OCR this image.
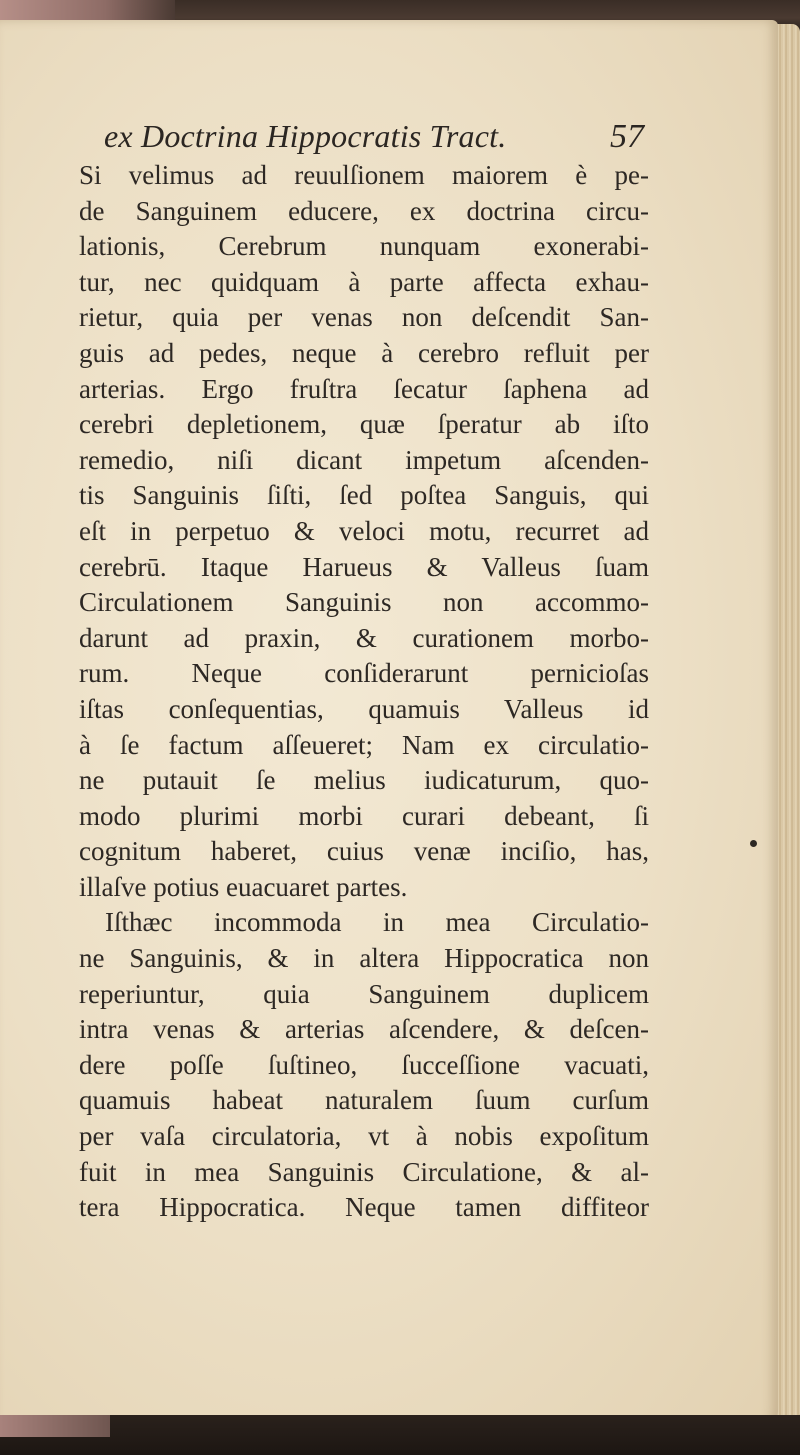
ex Doctrina Hippocratis Tract.	57
Si velimus ad reuulſionem maiorem è pe-
de Sanguinem educere, ex doctrina circu-
lationis, Cerebrum nunquam exonerabi-
tur, nec quidquam à parte affecta exhau-
rietur, quia per venas non deſcendit San-
guis ad pedes, neque à cerebro refluit per
arterias. Ergo fruſtra ſecatur ſaphena ad
cerebri depletionem, quæ ſperatur ab iſto
remedio, niſi dicant impetum aſcenden-
tis Sanguinis ſiſti, ſed poſtea Sanguis, qui
eſt in perpetuo & veloci motu, recurret ad
cerebrū. Itaque Harueus & Valleus ſuam
Circulationem Sanguinis non accommo-
darunt ad praxin, & curationem morbo-
rum. Neque conſiderarunt pernicioſas
iſtas conſequentias, quamuis Valleus id
à ſe factum aſſeueret; Nam ex circulatio-
ne putauit ſe melius iudicaturum, quo-
modo plurimi morbi curari debeant, ſi
cognitum haberet, cuius venæ inciſio, has,
illaſve potius euacuaret partes.
Iſthæc incommoda in mea Circulatio-
ne Sanguinis, & in altera Hippocratica non
reperiuntur, quia Sanguinem duplicem
intra venas & arterias aſcendere, & deſcen-
dere poſſe ſuſtineo, ſucceſſione vacuati,
quamuis habeat naturalem ſuum curſum
per vaſa circulatoria, vt à nobis expoſitum
fuit in mea Sanguinis Circulatione, & al-
tera Hippocratica. Neque tamen diffiteor
